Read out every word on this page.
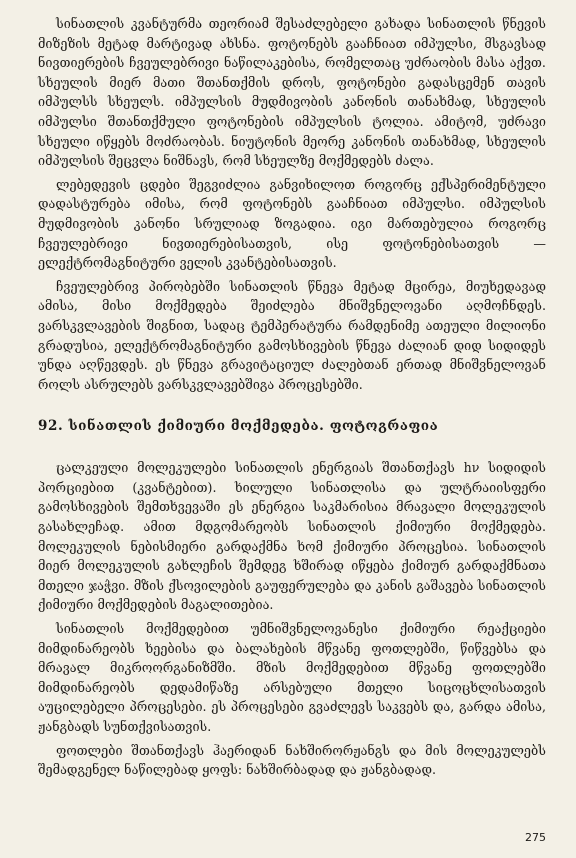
სინათლის კვანტურმა თეორიამ შესაძლებელი გახადა სინათლის წნევის მიზეზის მეტად მარტივად ახსნა. ფოტონებს გააჩნიათ იმპულსი, მსგავსად ნივთიერების ჩვეულებრივი ნაწილაკებისა, რომელთაც უძრაობის მასა აქვთ. სხეულის მიერ მათი შთანთქმის დროს, ფოტონები გადასცემენ თავის იმპულსს სხეულს. იმპულსის მუდმივობის კანონის თანახმად, სხეულის იმპულსი შთანთქმული ფოტონების იმპულსის ტოლია. ამიტომ, უძრავი სხეული იწყებს მოძრაობას. ნიუტონის მეორე კანონის თანახმად, სხეულის იმპულსის შეცვლა ნიშნავს, რომ სხეულზე მოქმედებს ძალა.

ლებედევის ცდები შეგვიძლია განვიხილოთ როგორც ექსპერიმენტული დადასტურება იმისა, რომ ფოტონებს გააჩნიათ იმპულსი. იმპულსის მუდმივობის კანონი სრულიად ზოგადია. იგი მართებულია როგორც ჩვეულებრივი ნივთიერებისათვის, ისე ფოტონებისათვის — ელექტრომაგნიტური ველის კვანტებისათვის.

ჩვეულებრივ პირობებში სინათლის წნევა მეტად მცირეა, მიუხედავად ამისა, მისი მოქმედება შეიძლება მნიშვნელოვანი აღმოჩნდეს. ვარსკვლავების შიგნით, სადაც ტემპერატურა რამდენიმე ათეული მილიონი გრადუსია, ელექტრომაგნიტური გამოსხივების წნევა ძალიან დიდ სიდიდეს უნდა აღწევდეს. ეს წნევა გრავიტაციულ ძალებთან ერთად მნიშვნელოვან როლს ასრულებს ვარსკვლავებშიგა პროცესებში.

92. სინათლის ქიმიური მოქმედება. ფოტოგრაფია

ცალკეული მოლეკულები სინათლის ენერგიას შთანთქავს hν სიდიდის პორციებით (კვანტებით). ხილული სინათლისა და ულტრაიისფერი გამოსხივების შემთხვევაში ეს ენერგია საკმარისია მრავალი მოლეკულის გასახლეჩად. ამით მდგომარეობს სინათლის ქიმიური მოქმედება. მოლეკულის ნებისმიერი გარდაქმნა ხომ ქიმიური პროცესია. სინათლის მიერ მოლეკულის გახლეჩის შემდეგ ხშირად იწყება ქიმიურ გარდაქმნათა მთელი ჯაჭვი. მზის ქსოვილების გაუფერულება და კანის გაშავება სინათლის ქიმიური მოქმედების მაგალითებია.

სინათლის მოქმედებით უმნიშვნელოვანესი ქიმიური რეაქციები მიმდინარეობს ხეებისა და ბალახების მწვანე ფოთლებში, წიწვებსა და მრავალ მიკროორგანიზმში. მზის მოქმედებით მწვანე ფოთლებში მიმდინარეობს დედამიწაზე არსებული მთელი სიცოცხლისათვის აუცილებელი პროცესები. ეს პროცესები გვაძლევს საკვებს და, გარდა ამისა, ჟანგბადს სუნთქვისათვის.

ფოთლები შთანთქავს ჰაერიდან ნახშირორჟანგს და მის მოლეკულებს შემადგენელ ნაწილებად ყოფს: ნახშირბადად და ჟანგბადად.

275
